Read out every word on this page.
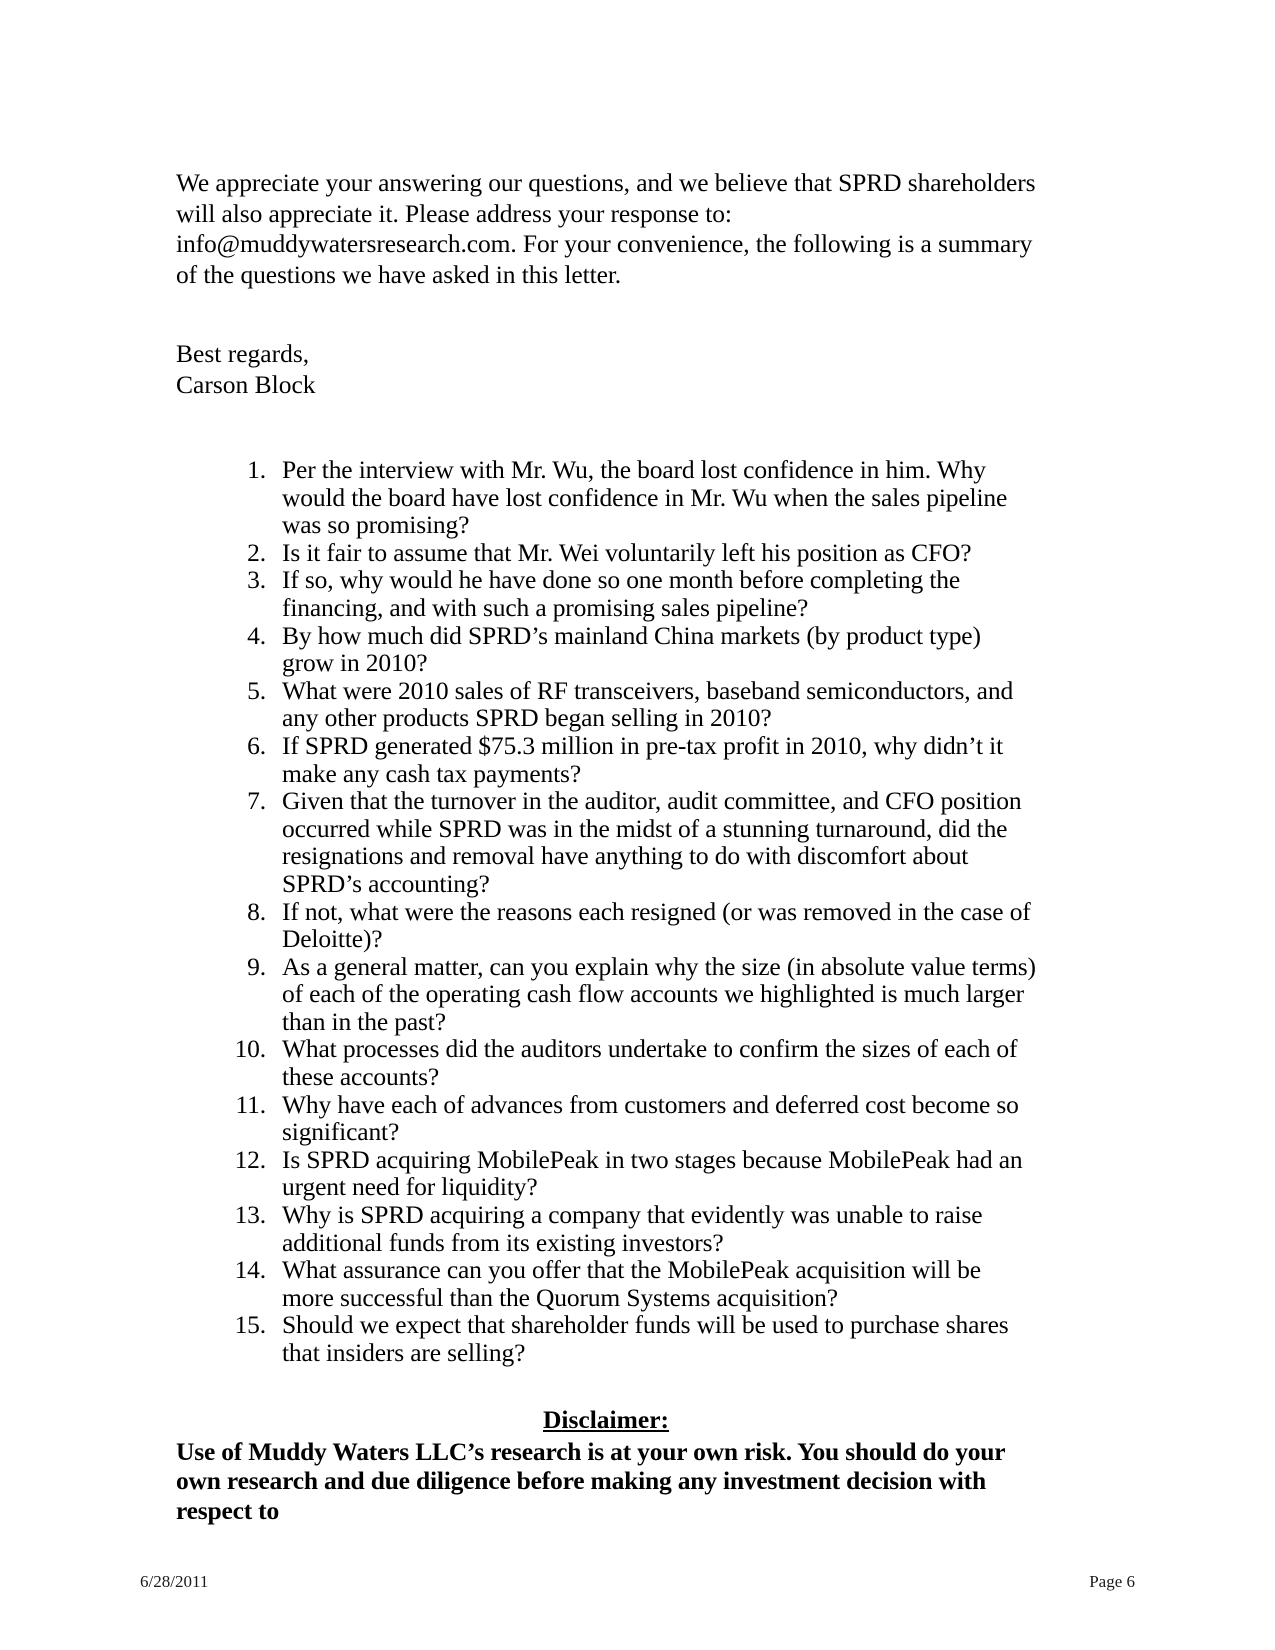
We appreciate your answering our questions, and we believe that SPRD shareholders will also appreciate it. Please address your response to: info@muddywatersresearch.com. For your convenience, the following is a summary of the questions we have asked in this letter.

Best regards,
Carson Block
Per the interview with Mr. Wu, the board lost confidence in him. Why would the board have lost confidence in Mr. Wu when the sales pipeline was so promising?
Is it fair to assume that Mr. Wei voluntarily left his position as CFO?
If so, why would he have done so one month before completing the financing, and with such a promising sales pipeline?
By how much did SPRD’s mainland China markets (by product type) grow in 2010?
What were 2010 sales of RF transceivers, baseband semiconductors, and any other products SPRD began selling in 2010?
If SPRD generated $75.3 million in pre-tax profit in 2010, why didn’t it make any cash tax payments?
Given that the turnover in the auditor, audit committee, and CFO position occurred while SPRD was in the midst of a stunning turnaround, did the resignations and removal have anything to do with discomfort about SPRD’s accounting?
If not, what were the reasons each resigned (or was removed in the case of Deloitte)?
As a general matter, can you explain why the size (in absolute value terms) of each of the operating cash flow accounts we highlighted is much larger than in the past?
What processes did the auditors undertake to confirm the sizes of each of these accounts?
Why have each of advances from customers and deferred cost become so significant?
Is SPRD acquiring MobilePeak in two stages because MobilePeak had an urgent need for liquidity?
Why is SPRD acquiring a company that evidently was unable to raise additional funds from its existing investors?
What assurance can you offer that the MobilePeak acquisition will be more successful than the Quorum Systems acquisition?
Should we expect that shareholder funds will be used to purchase shares that insiders are selling?
Disclaimer:
Use of Muddy Waters LLC’s research is at your own risk. You should do your own research and due diligence before making any investment decision with respect to
6/28/2011	Page 6
